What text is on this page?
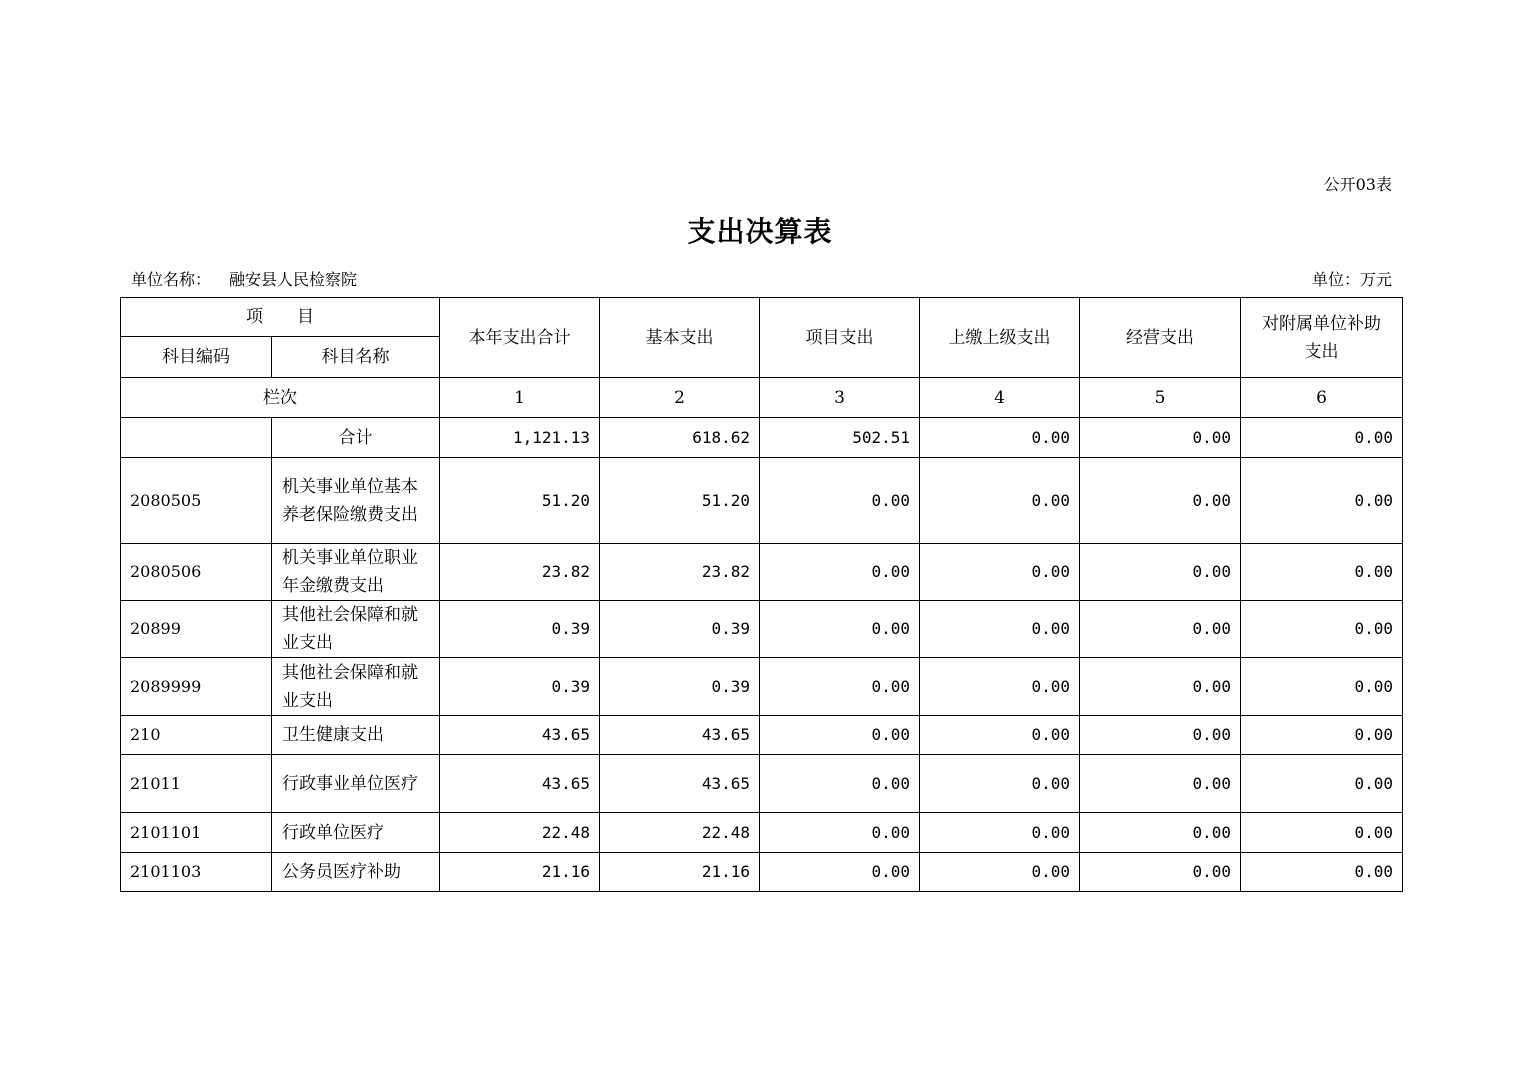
公开03表
支出决算表
单位名称： 融安县人民检察院	单位：万元
项　　目		本年支出合计	基本支出	项目支出	上缴上级支出	经营支出	对附属单位补助支出
科目编码	科目名称						
栏次		1	2	3	4	5	6
	合计	1,121.13	618.62	502.51	0.00	0.00	0.00
2080505	机关事业单位基本养老保险缴费支出	51.20	51.20	0.00	0.00	0.00	0.00
2080506	机关事业单位职业年金缴费支出	23.82	23.82	0.00	0.00	0.00	0.00
20899	其他社会保障和就业支出	0.39	0.39	0.00	0.00	0.00	0.00
2089999	其他社会保障和就业支出	0.39	0.39	0.00	0.00	0.00	0.00
210	卫生健康支出	43.65	43.65	0.00	0.00	0.00	0.00
21011	行政事业单位医疗	43.65	43.65	0.00	0.00	0.00	0.00
2101101	行政单位医疗	22.48	22.48	0.00	0.00	0.00	0.00
2101103	公务员医疗补助	21.16	21.16	0.00	0.00	0.00	0.00
